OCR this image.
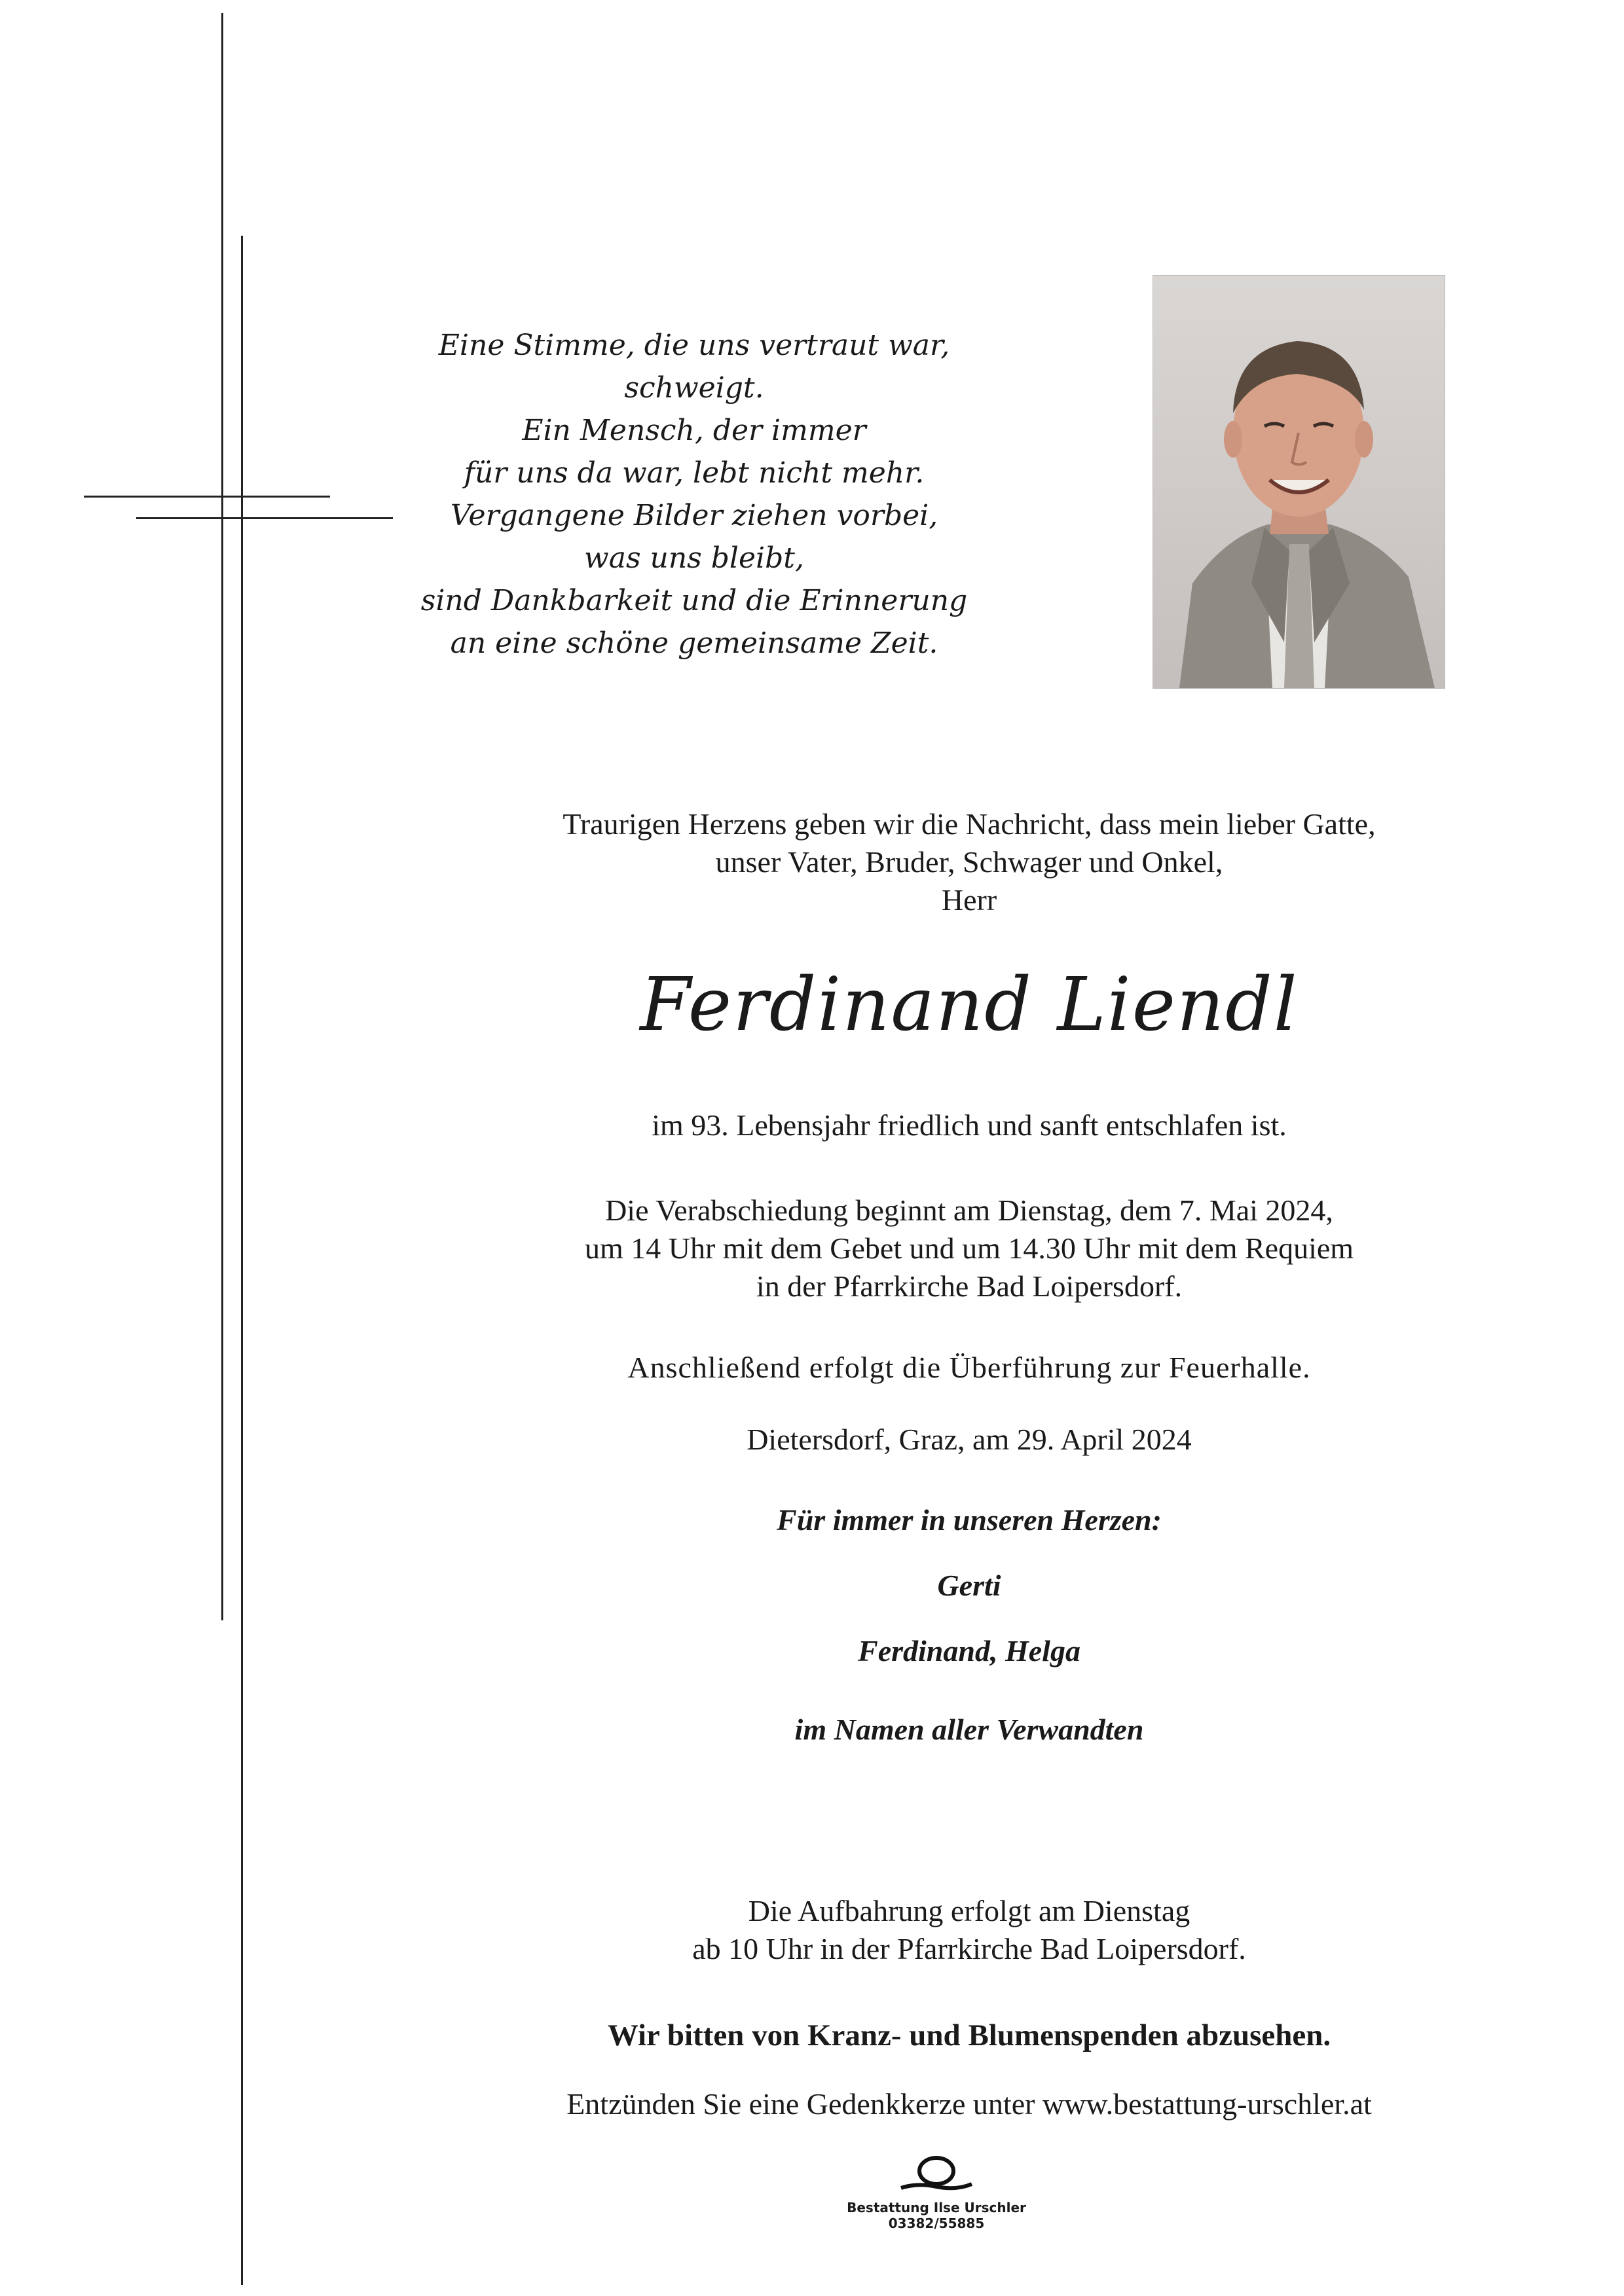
Eine Stimme, die uns vertraut war,
schweigt.
Ein Mensch, der immer
für uns da war, lebt nicht mehr.
Vergangene Bilder ziehen vorbei,
was uns bleibt,
sind Dankbarkeit und die Erinnerung
an eine schöne gemeinsame Zeit.
Traurigen Herzens geben wir die Nachricht, dass mein lieber Gatte,
unser Vater, Bruder, Schwager und Onkel,
Herr
Ferdinand Liendl
im 93. Lebensjahr friedlich und sanft entschlafen ist.
Die Verabschiedung beginnt am Dienstag, dem 7. Mai 2024,
um 14 Uhr mit dem Gebet und um 14.30 Uhr mit dem Requiem
in der Pfarrkirche Bad Loipersdorf.
Anschließend erfolgt die Überführung zur Feuerhalle.
Dietersdorf, Graz, am 29. April 2024
Für immer in unseren Herzen:
Gerti
Ferdinand, Helga
im Namen aller Verwandten
Die Aufbahrung erfolgt am Dienstag
ab 10 Uhr in der Pfarrkirche Bad Loipersdorf.
Wir bitten von Kranz- und Blumenspenden abzusehen.
Entzünden Sie eine Gedenkkerze unter www.bestattung-urschler.at
Bestattung Ilse Urschler
03382/55885
